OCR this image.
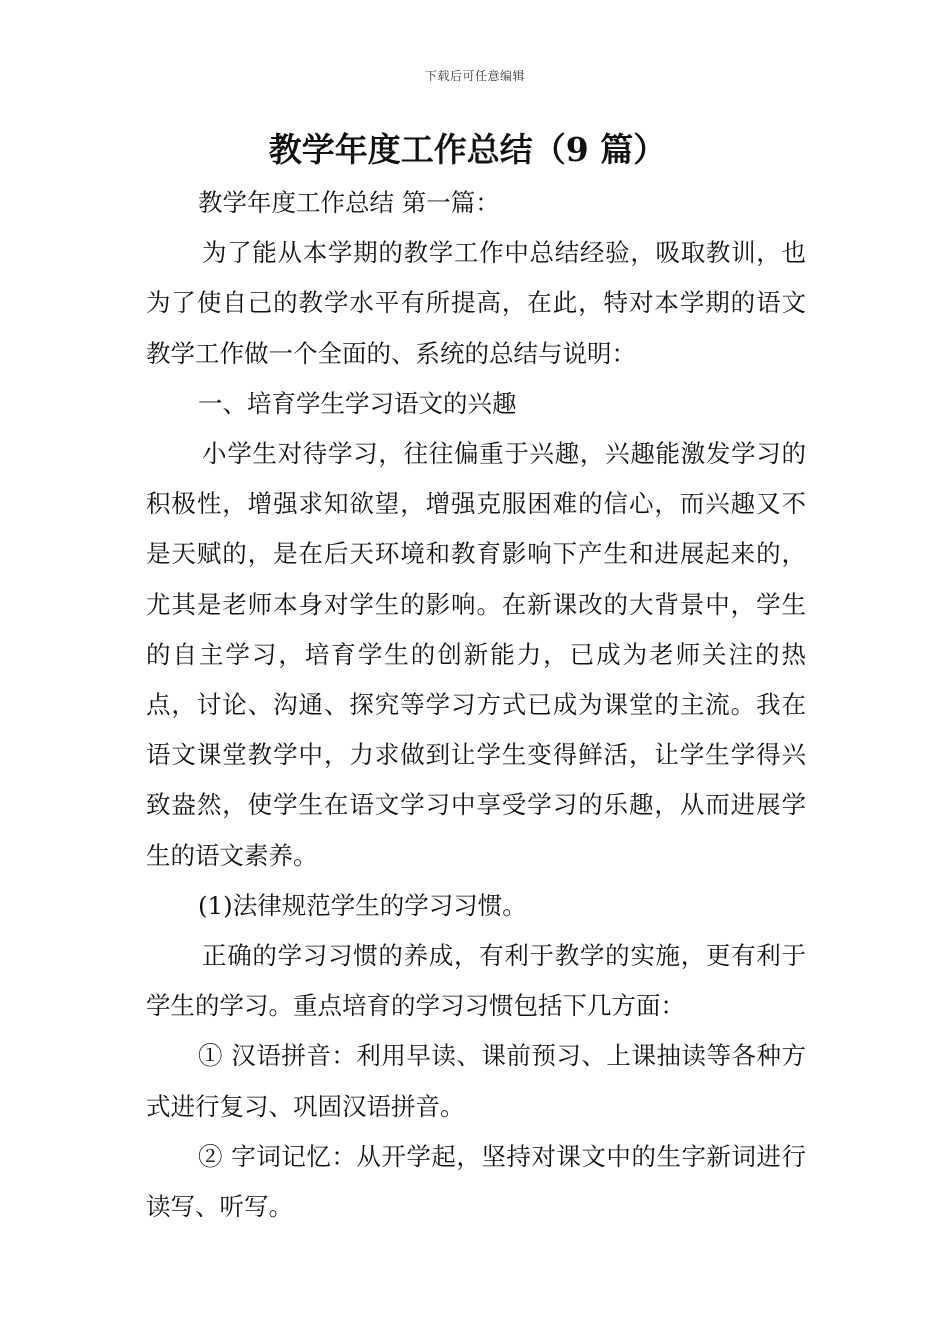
下载后可任意编辑
教学年度工作总结（9 篇）

教学年度工作总结 第一篇：

为了能从本学期的教学工作中总结经验，吸取教训，也为了使自己的教学水平有所提高，在此，特对本学期的语文教学工作做一个全面的、系统的总结与说明：

一、培育学生学习语文的兴趣

小学生对待学习，往往偏重于兴趣，兴趣能激发学习的积极性，增强求知欲望，增强克服困难的信心，而兴趣又不是天赋的，是在后天环境和教育影响下产生和进展起来的，尤其是老师本身对学生的影响。在新课改的大背景中，学生的自主学习，培育学生的创新能力，已成为老师关注的热点，讨论、沟通、探究等学习方式已成为课堂的主流。我在语文课堂教学中，力求做到让学生变得鲜活，让学生学得兴致盎然，使学生在语文学习中享受学习的乐趣，从而进展学生的语文素养。

(1)法律规范学生的学习习惯。

正确的学习习惯的养成，有利于教学的实施，更有利于学生的学习。重点培育的学习习惯包括下几方面：

① 汉语拼音：利用早读、课前预习、上课抽读等各种方式进行复习、巩固汉语拼音。

② 字词记忆：从开学起，坚持对课文中的生字新词进行读写、听写。
